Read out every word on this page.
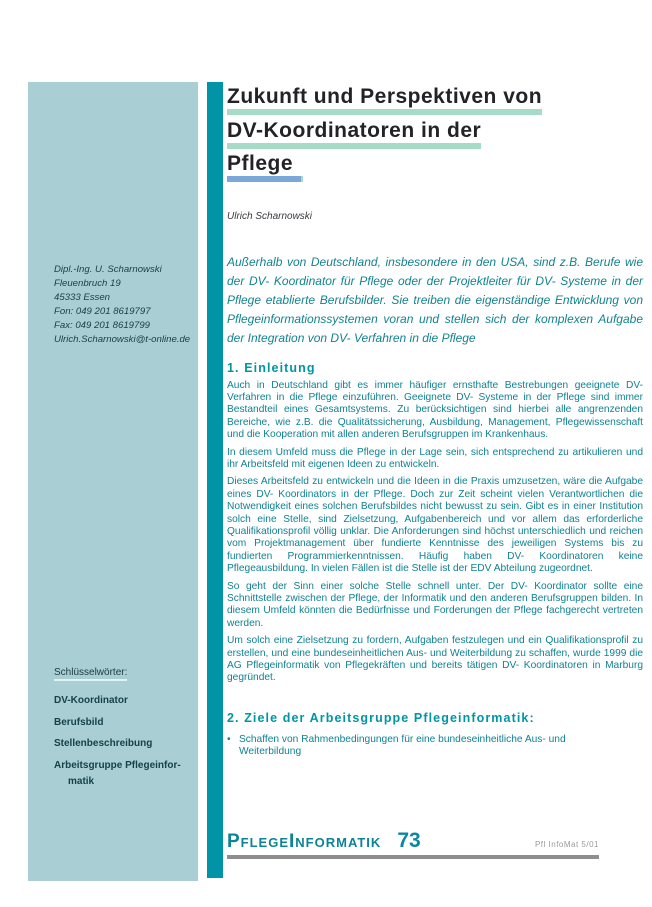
Dipl.-Ing. U. Scharnowski
Fleuenbruch 19
45333 Essen
Fon: 049 201 8619797
Fax: 049 201 8619799
Ulrich.Scharnowski@t-online.de
Schlüsselwörter:
DV-Koordinator
Berufsbild
Stellenbeschreibung
Arbeitsgruppe Pflegeinfor-
matik
Zukunft und Perspektiven von
DV-Koordinatoren in der
Pflege
Ulrich Scharnowski
Außerhalb von Deutschland, insbesondere in den USA, sind z.B. Berufe wie der DV- Koordinator für Pflege oder der Projektleiter für DV- Systeme in der Pflege etablierte Berufsbilder. Sie treiben die eigenständige Entwicklung von Pflegeinformationssystemen voran und stellen sich der komplexen Aufgabe der Integration von DV- Verfahren in die Pflege
1. Einleitung

Auch in Deutschland gibt es immer häufiger ernsthafte Bestrebungen geeignete DV- Verfahren in die Pflege einzuführen. Geeignete DV- Systeme in der Pflege sind immer Bestandteil eines Gesamtsystems. Zu berücksichtigen sind hierbei alle angrenzenden Bereiche, wie z.B. die Qualitätssicherung, Ausbildung, Management, Pflegewissenschaft und die Kooperation mit allen anderen Berufsgruppen im Krankenhaus.

In diesem Umfeld muss die Pflege in der Lage sein, sich entsprechend zu artikulieren und ihr Arbeitsfeld mit eigenen Ideen zu entwickeln.

Dieses Arbeitsfeld zu entwickeln und die Ideen in die Praxis umzusetzen, wäre die Aufgabe eines DV- Koordinators in der Pflege. Doch zur Zeit scheint vielen Verantwortlichen die Notwendigkeit eines solchen Berufsbildes nicht bewusst zu sein. Gibt es in einer Institution solch eine Stelle, sind Zielsetzung, Aufgabenbereich und vor allem das erforderliche Qualifikationsprofil völlig unklar. Die Anforderungen sind höchst unterschiedlich und reichen vom Projektmanagement über fundierte Kenntnisse des jeweiligen Systems bis zu fundierten Programmierkenntnissen. Häufig haben DV- Koordinatoren keine Pflegeausbildung. In vielen Fällen ist die Stelle ist der EDV Abteilung zugeordnet.

So geht der Sinn einer solche Stelle schnell unter. Der DV- Koordinator sollte eine Schnittstelle zwischen der Pflege, der Informatik und den anderen Berufsgruppen bilden. In diesem Umfeld könnten die Bedürfnisse und Forderungen der Pflege fachgerecht vertreten werden.

Um solch eine Zielsetzung zu fordern, Aufgaben festzulegen und ein Qualifikationsprofil zu erstellen, und eine bundeseinheitlichen Aus- und Weiterbildung zu schaffen, wurde 1999 die AG Pflegeinformatik von Pflegekräften und bereits tätigen DV- Koordinatoren in Marburg gegründet.

2. Ziele der Arbeitsgruppe Pflegeinformatik:
• Schaffen von Rahmenbedingungen für eine bundeseinheitliche Aus- und Weiterbildung
PflegeInformatik 73	Pfl InfoMat 5/01
